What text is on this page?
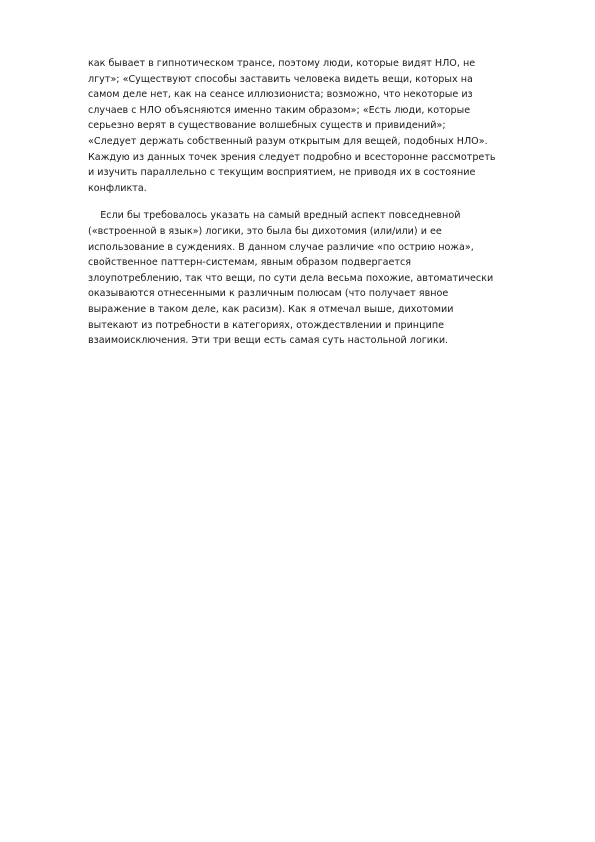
как бывает в гипнотическом трансе, поэтому люди, которые видят НЛО, не
лгут»; «Существуют способы заставить человека видеть вещи, которых на
самом деле нет, как на сеансе иллюзиониста; возможно, что некоторые из
случаев с НЛО объясняются именно таким образом»; «Есть люди, которые
серьезно верят в существование волшебных существ и привидений»;
«Следует держать собственный разум открытым для вещей, подобных НЛО».
Каждую из данных точек зрения следует подробно и всесторонне рассмотреть
и изучить параллельно с текущим восприятием, не приводя их в состояние
конфликта.
Если бы требовалось указать на самый вредный аспект повседневной
(«встроенной в язык») логики, это была бы дихотомия (или/или) и ее
использование в суждениях. В данном случае различие «по острию ножа»,
свойственное паттерн-системам, явным образом подвергается
злоупотреблению, так что вещи, по сути дела весьма похожие, автоматически
оказываются отнесенными к различным полюсам (что получает явное
выражение в таком деле, как расизм). Как я отмечал выше, дихотомии
вытекают из потребности в категориях, отождествлении и принципе
взаимоисключения. Эти три вещи есть самая суть настольной логики.
